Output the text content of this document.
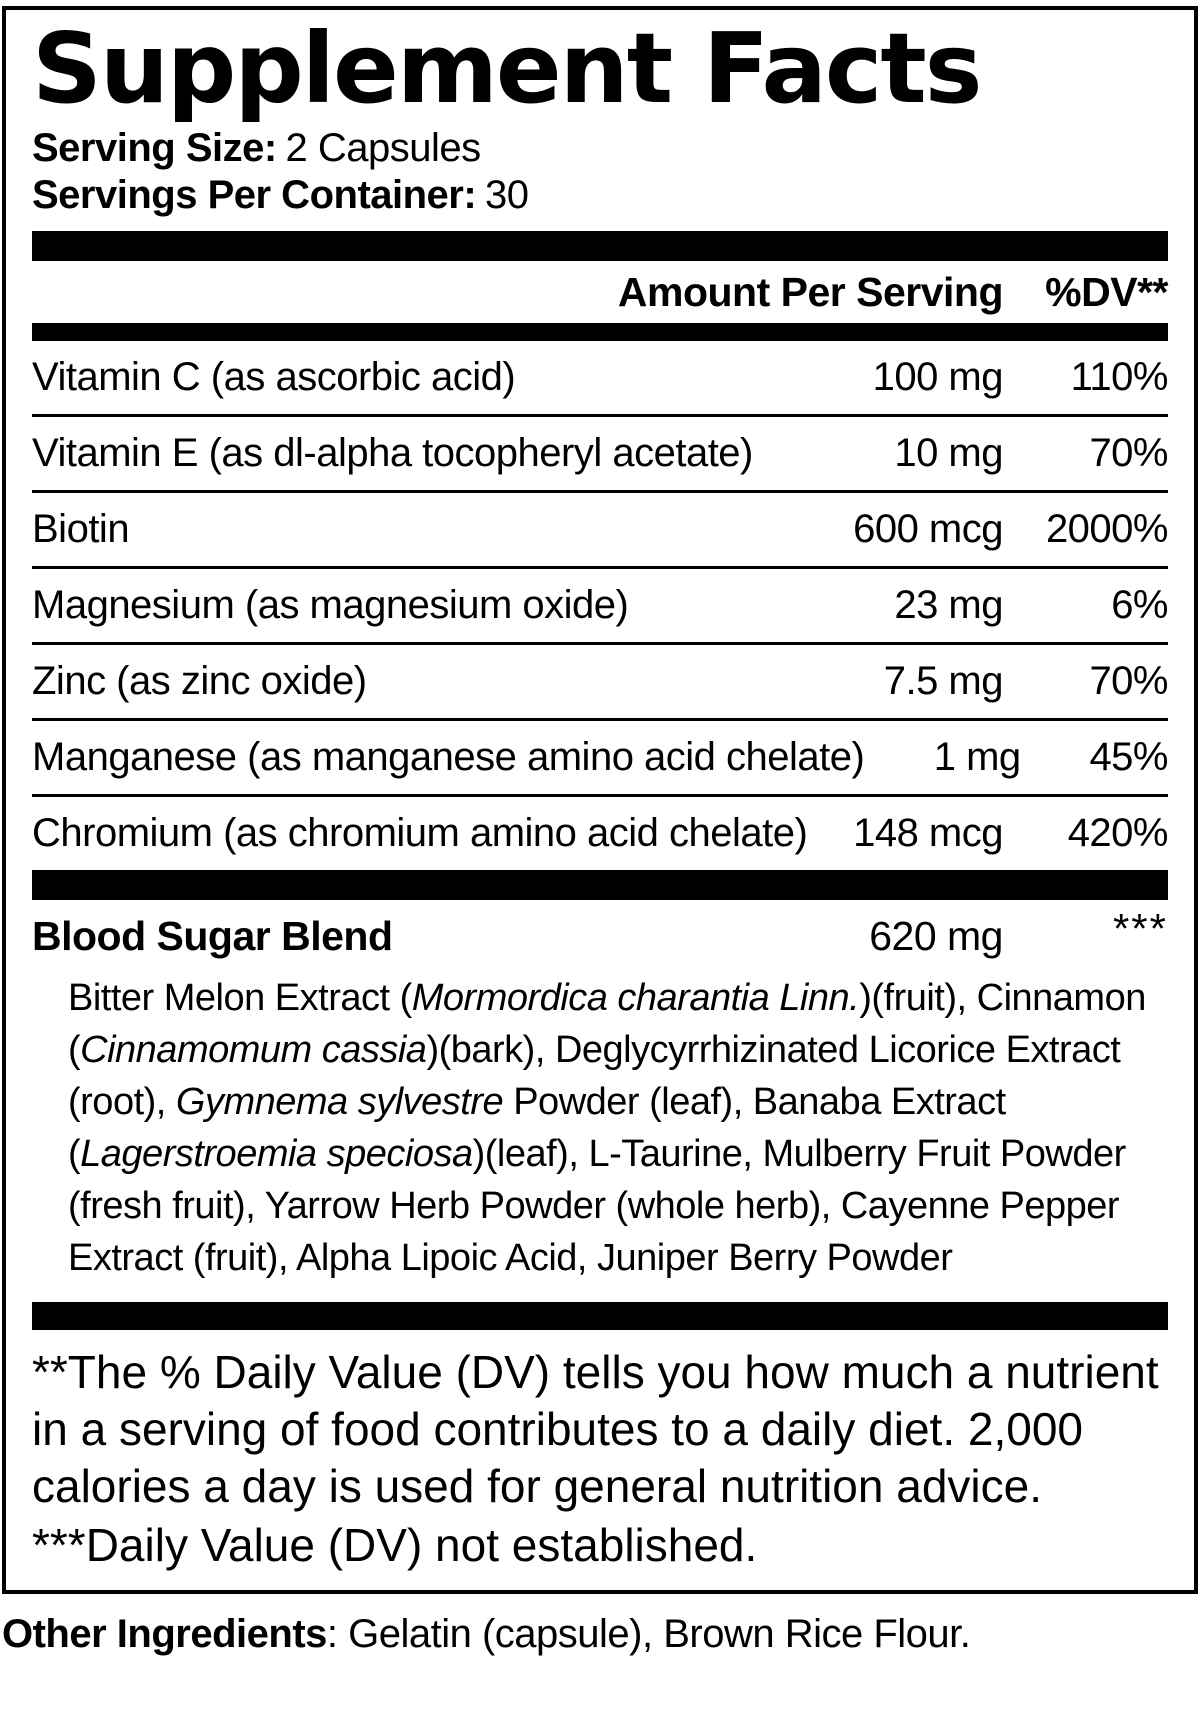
Supplement Facts
Serving Size: 2 Capsules
Servings Per Container: 30
Amount Per Serving	%DV**
Vitamin C (as ascorbic acid)	100 mg	110%
Vitamin E (as dl-alpha tocopheryl acetate)	10 mg	70%
Biotin	600 mcg	2000%
Magnesium (as magnesium oxide)	23 mg	6%
Zinc (as zinc oxide)	7.5 mg	70%
Manganese (as manganese amino acid chelate)	1 mg	45%
Chromium (as chromium amino acid chelate)	148 mcg	420%
Blood Sugar Blend	620 mg	***

Bitter Melon Extract (Mormordica charantia Linn.)(fruit), Cinnamon (Cinnamomum cassia)(bark), Deglycyrrhizinated Licorice Extract (root), Gymnema sylvestre Powder (leaf), Banaba Extract (Lagerstroemia speciosa)(leaf), L-Taurine, Mulberry Fruit Powder (fresh fruit), Yarrow Herb Powder (whole herb), Cayenne Pepper Extract (fruit), Alpha Lipoic Acid, Juniper Berry Powder

**The % Daily Value (DV) tells you how much a nutrient in a serving of food contributes to a daily diet. 2,000 calories a day is used for general nutrition advice.

***Daily Value (DV) not established.

Other Ingredients: Gelatin (capsule), Brown Rice Flour.
